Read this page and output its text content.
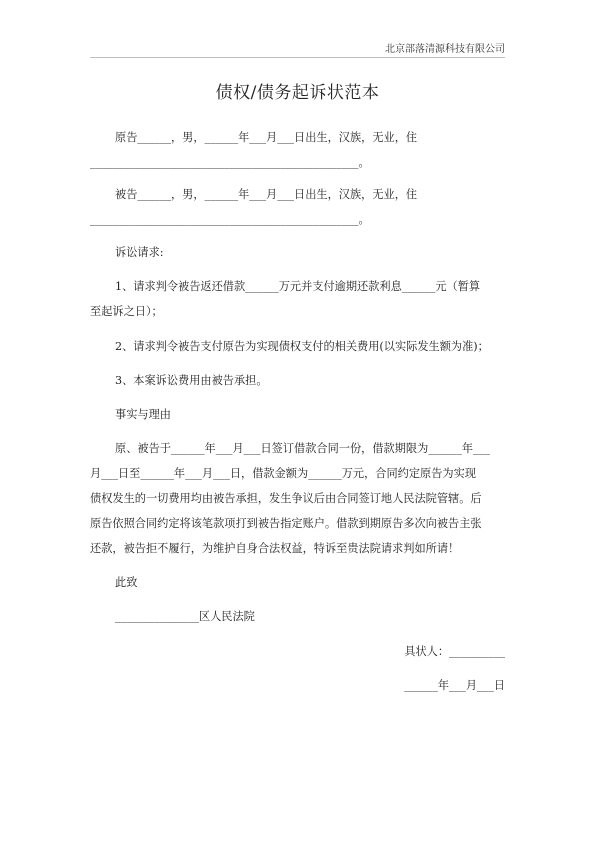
北京部落清源科技有限公司
债权/债务起诉状范本
原告______，男，______年___月___日出生，汉族，无业，住
________________________________________________。
被告______，男，______年___月___日出生，汉族，无业，住
________________________________________________。
诉讼请求:
1、请求判令被告返还借款______万元并支付逾期还款利息______元（暂算
至起诉之日）；
2、请求判令被告支付原告为实现债权支付的相关费用(以实际发生额为准)；
3、本案诉讼费用由被告承担。
事实与理由
原、被告于______年___月___日签订借款合同一份，借款期限为______年___
月___日至______年___月___日，借款金额为______万元，合同约定原告为实现
债权发生的一切费用均由被告承担，发生争议后由合同签订地人民法院管辖。后
原告依照合同约定将该笔款项打到被告指定账户。借款到期原告多次向被告主张
还款，被告拒不履行，为维护自身合法权益，特诉至贵法院请求判如所请！
此致
_______________区人民法院
具状人：__________
______年___月___日
